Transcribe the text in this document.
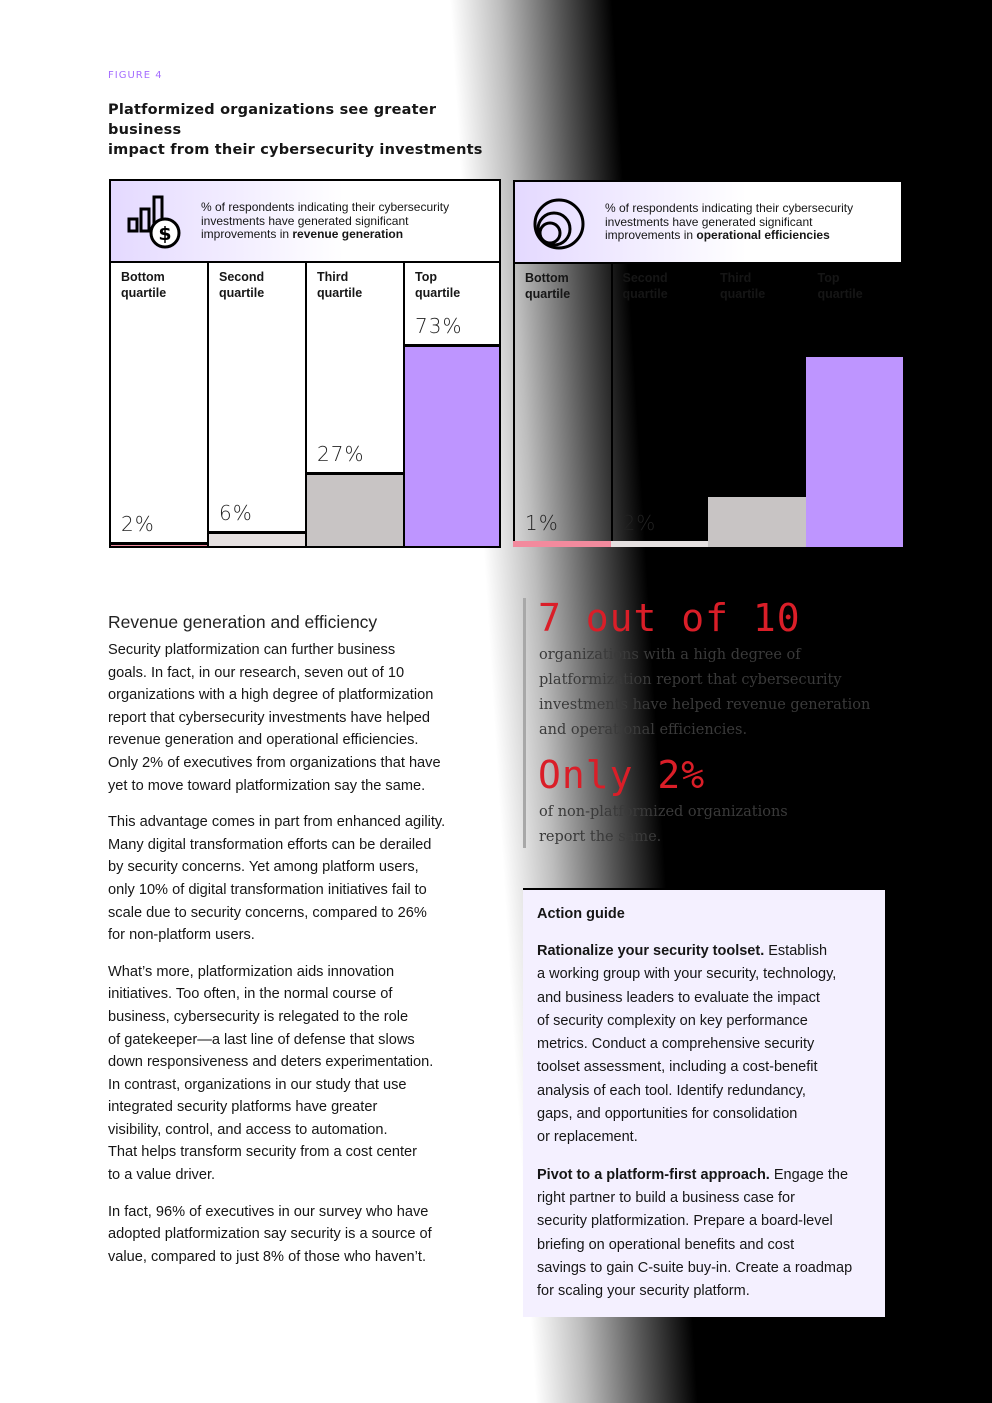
FIGURE 4
Platformized organizations see greater business
impact from their cybersecurity investments
$
% of respondents indicating their cybersecurity
investments have generated significant
improvements in revenue generation
Bottom
quartile
2%
Second
quartile
6%
Third
quartile
27%
Top
quartile
73%
% of respondents indicating their cybersecurity
investments have generated significant
improvements in operational efficiencies
Bottom
quartile
1%
Second
quartile
2%
Third
quartile
Top
quartile
Revenue generation and efficiency
Security platformization can further business
goals. In fact, in our research, seven out of 10
organizations with a high degree of platformization
report that cybersecurity investments have helped
revenue generation and operational efficiencies.
Only 2% of executives from organizations that have
yet to move toward platformization say the same.
This advantage comes in part from enhanced agility.
Many digital transformation efforts can be derailed
by security concerns. Yet among platform users,
only 10% of digital transformation initiatives fail to
scale due to security concerns, compared to 26%
for non-platform users.
What’s more, platformization aids innovation
initiatives. Too often, in the normal course of
business, cybersecurity is relegated to the role
of gatekeeper—a last line of defense that slows
down responsiveness and deters experimentation.
In contrast, organizations in our study that use
integrated security platforms have greater
visibility, control, and access to automation.
That helps transform security from a cost center
to a value driver.
In fact, 96% of executives in our survey who have
adopted platformization say security is a source of
value, compared to just 8% of those who haven’t.
7 out of 10
organizations with a high degree of
platformization report that cybersecurity
investments have helped revenue generation
and operational efficiencies.
Only 2%
of non-platformized organizations
report the same.
Action guide
Rationalize your security toolset. Establish
a working group with your security, technology,
and business leaders to evaluate the impact
of security complexity on key performance
metrics. Conduct a comprehensive security
toolset assessment, including a cost-benefit
analysis of each tool. Identify redundancy,
gaps, and opportunities for consolidation
or replacement.
Pivot to a platform-first approach. Engage the
right partner to build a business case for
security platformization. Prepare a board-level
briefing on operational benefits and cost
savings to gain C-suite buy-in. Create a roadmap
for scaling your security platform.
